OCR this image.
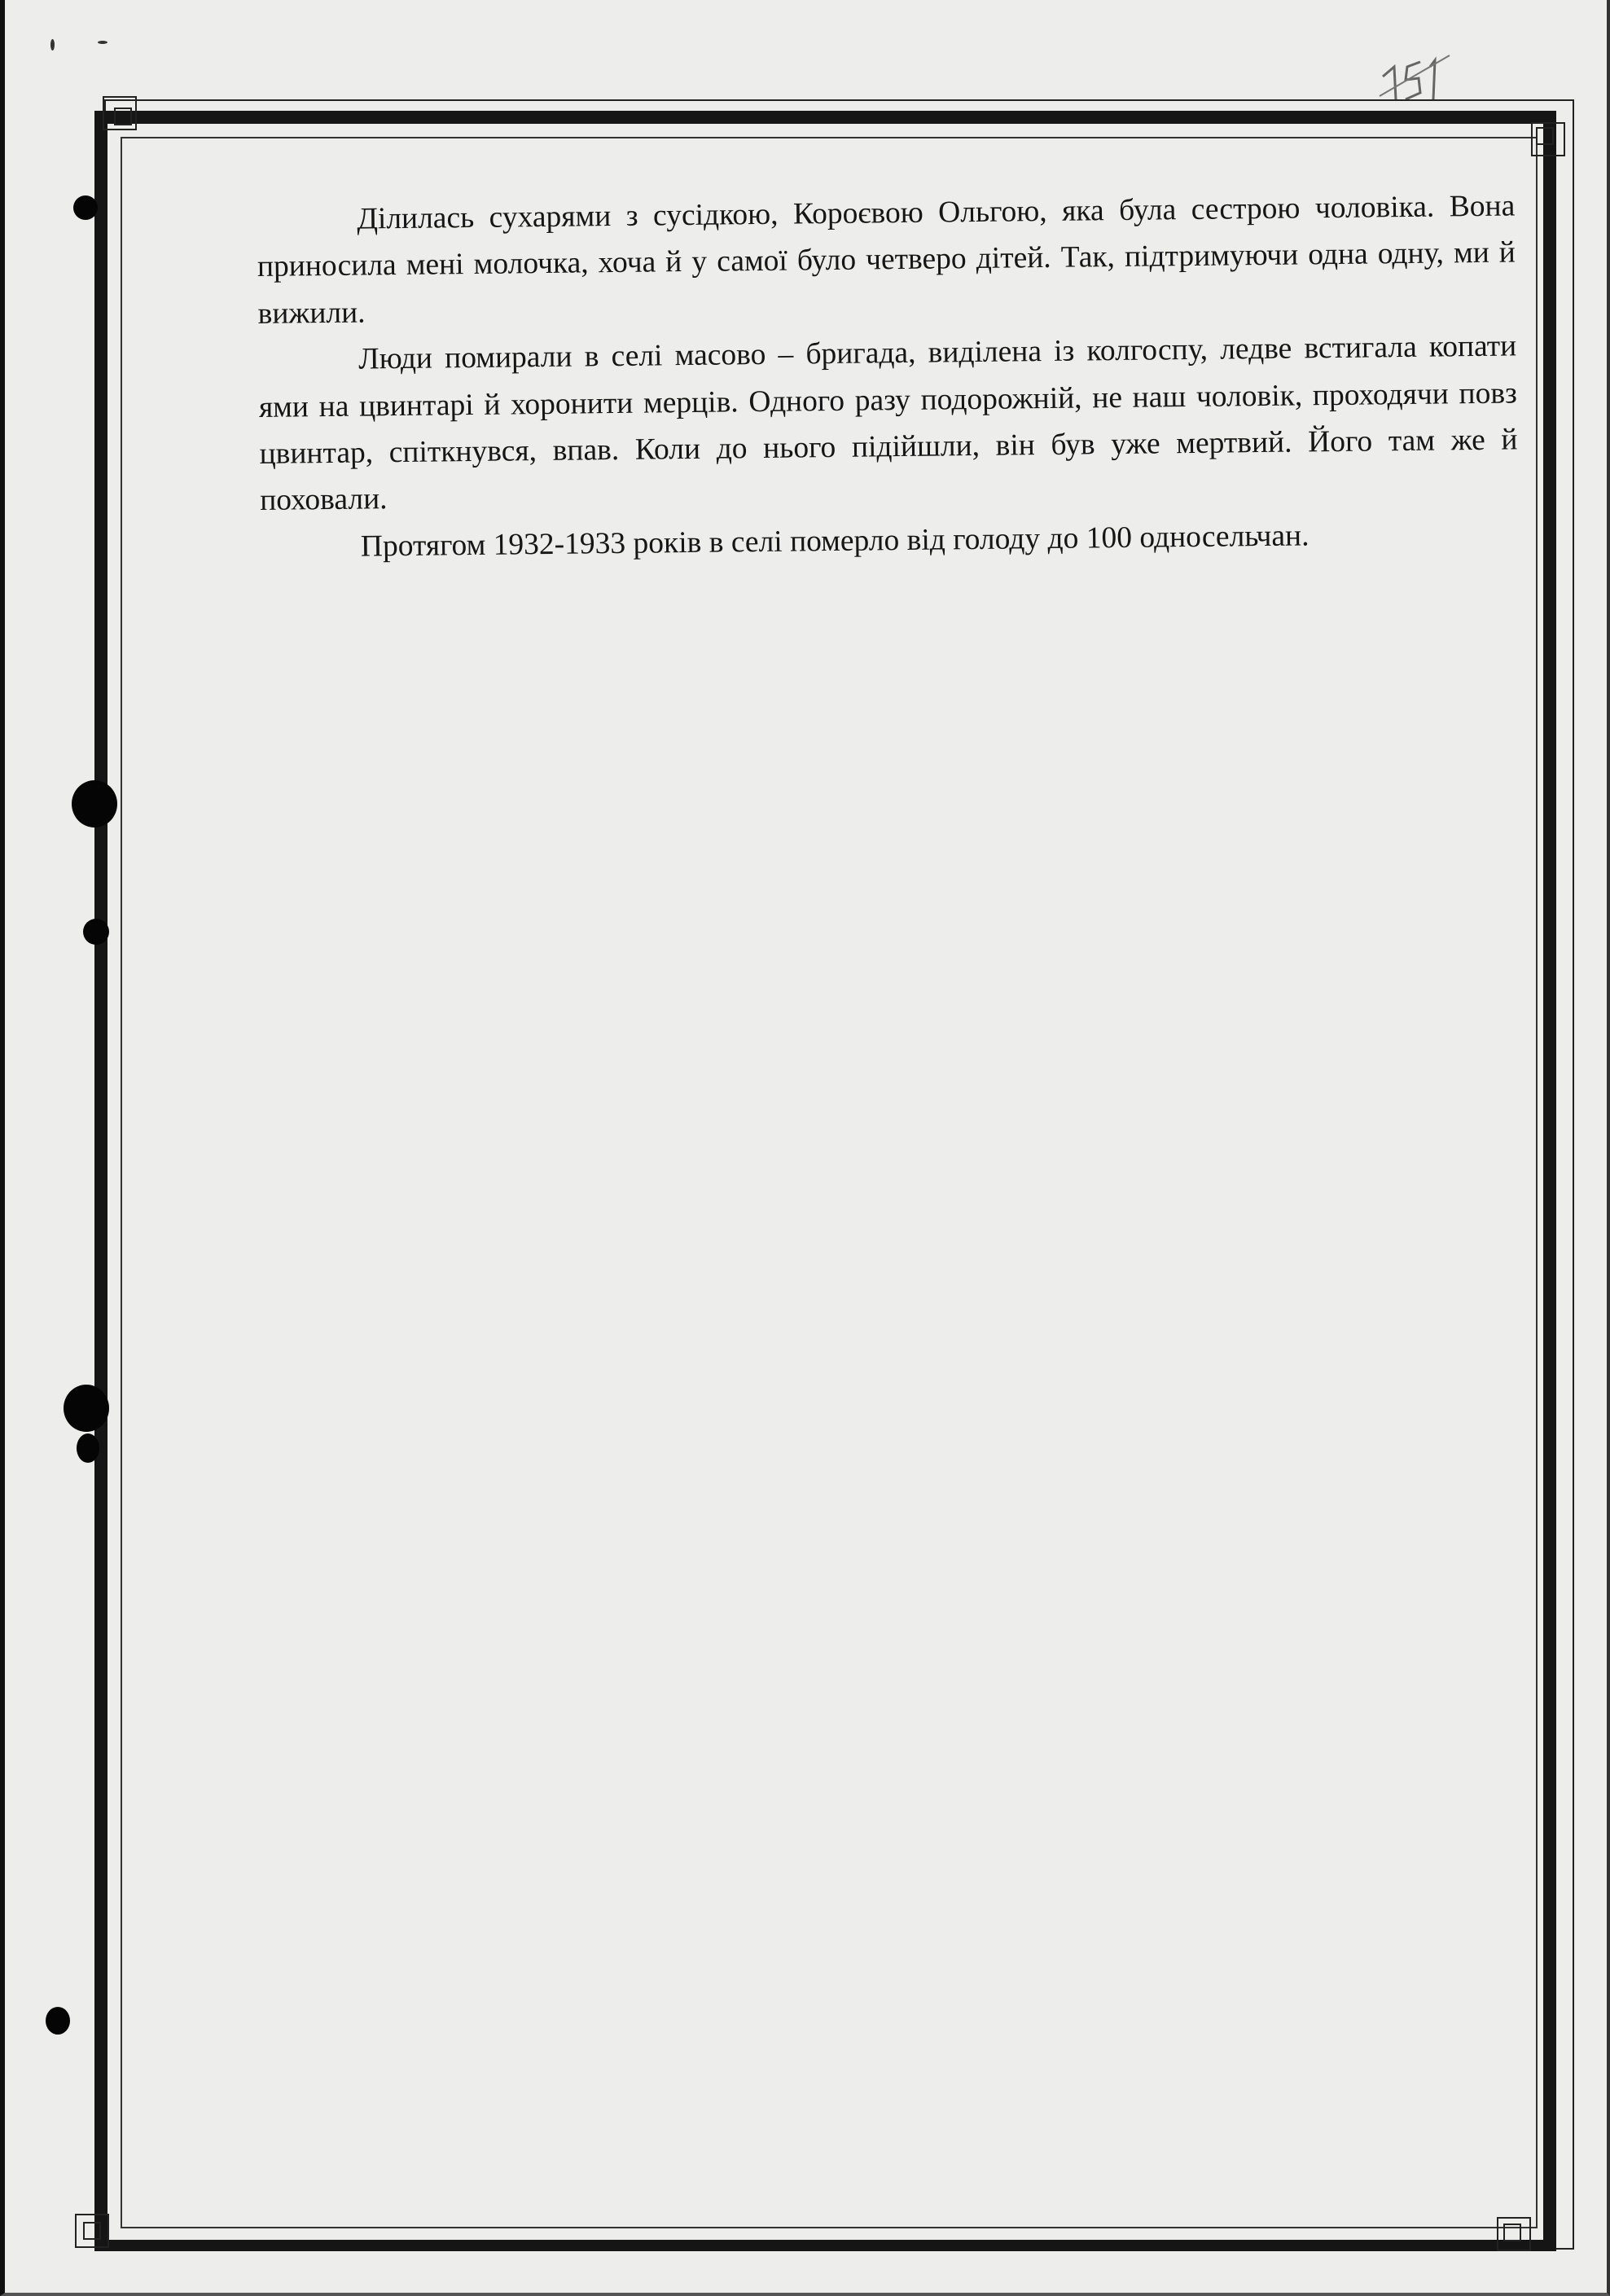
Ділилась сухарями з сусідкою, Короєвою Ольгою, яка була сестрою чоловіка. Вона приносила мені молочка, хоча й у самої було четверо дітей. Так, підтримуючи одна одну, ми й вижили.

Люди помирали в селі масово – бригада, виділена із колгоспу, ледве встигала копати ями на цвинтарі й хоронити мерців. Одного разу подорожній, не наш чоловік, проходячи повз цвинтар, спіткнувся, впав. Коли до нього підійшли, він був уже мертвий. Його там же й поховали.

Протягом 1932-1933 років в селі померло від голоду до 100 односельчан.
